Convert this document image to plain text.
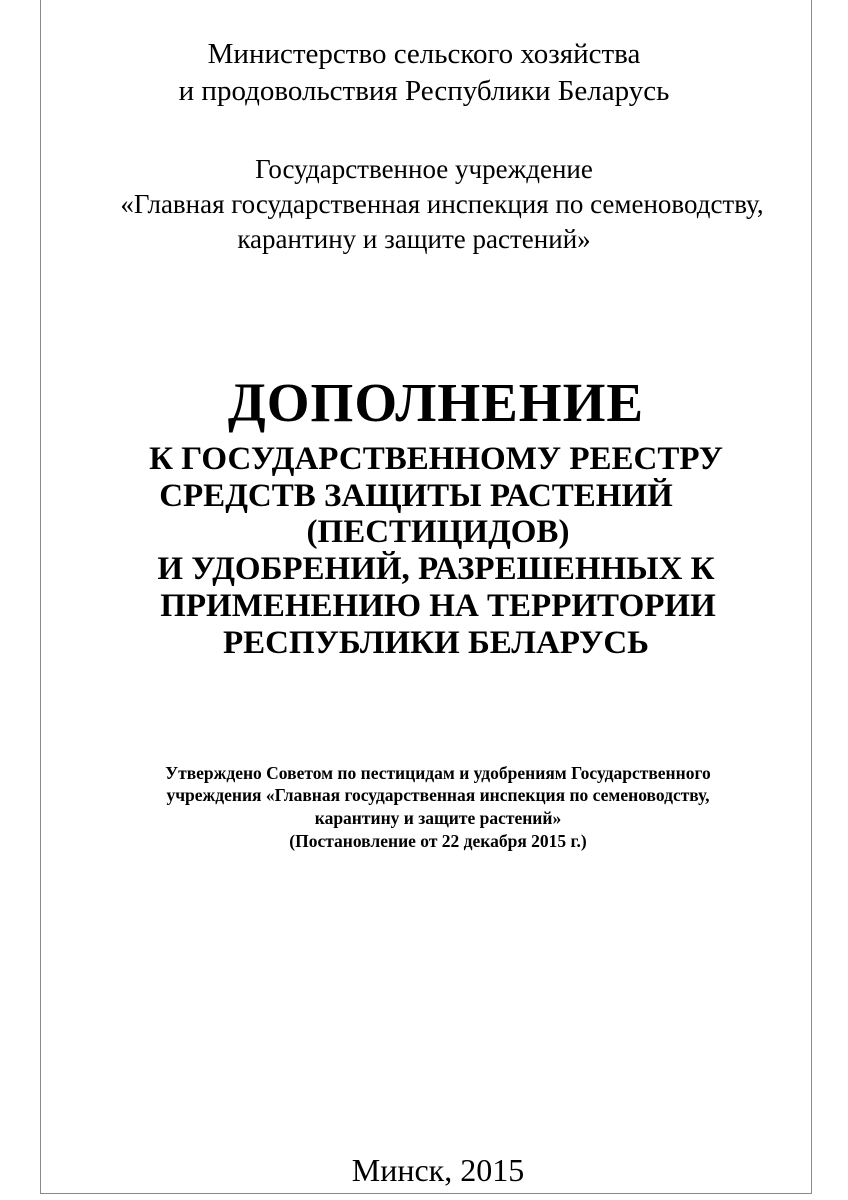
Министерство сельского хозяйства
и продовольствия Республики Беларусь
Государственное учреждение
«Главная государственная инспекция по семеноводству,
карантину и защите растений»
ДОПОЛНЕНИЕ
К ГОСУДАРСТВЕННОМУ РЕЕСТРУ
СРЕДСТВ ЗАЩИТЫ РАСТЕНИЙ
(ПЕСТИЦИДОВ)
И УДОБРЕНИЙ, РАЗРЕШЕННЫХ К
ПРИМЕНЕНИЮ НА ТЕРРИТОРИИ
РЕСПУБЛИКИ БЕЛАРУСЬ
Утверждено Советом по пестицидам и удобрениям Государственного
учреждения «Главная государственная инспекция по семеноводству,
карантину и защите растений»
(Постановление от 22 декабря 2015 г.)
Минск, 2015
